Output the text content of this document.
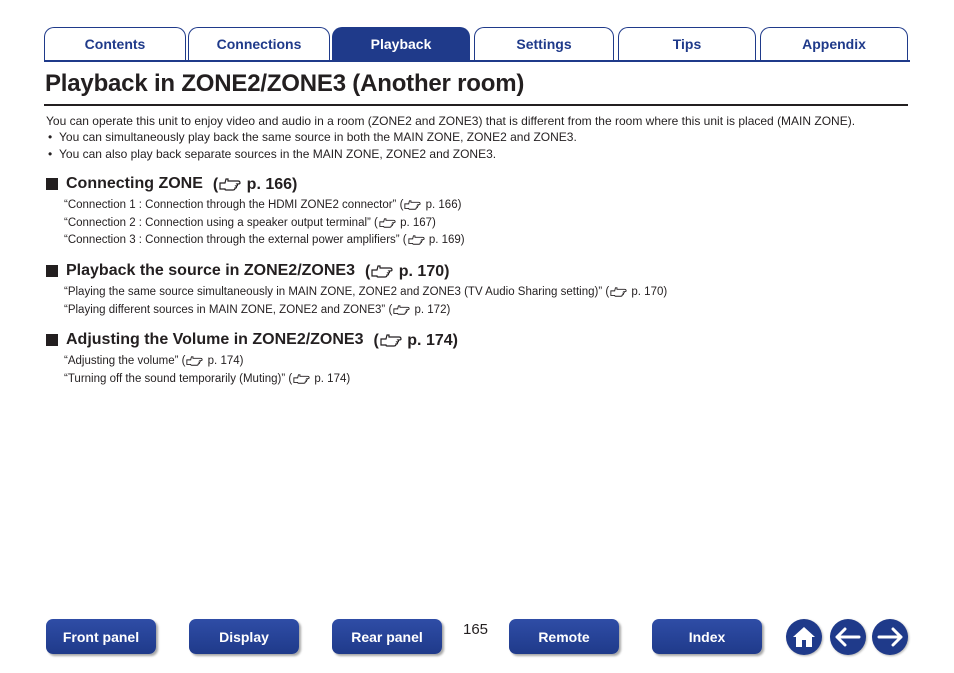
Contents	Connections	Playback	Settings	Tips	Appendix
Playback in ZONE2/ZONE3 (Another room)

You can operate this unit to enjoy video and audio in a room (ZONE2 and ZONE3) that is different from the room where this unit is placed (MAIN ZONE).

• You can simultaneously play back the same source in both the MAIN ZONE, ZONE2 and ZONE3.
• You can also play back separate sources in the MAIN ZONE, ZONE2 and ZONE3.
Connecting ZONE ( p. 166)
“Connection 1 : Connection through the HDMI ZONE2 connector” ( p. 166)
“Connection 2 : Connection using a speaker output terminal” ( p. 167)
“Connection 3 : Connection through the external power amplifiers” ( p. 169)
Playback the source in ZONE2/ZONE3 ( p. 170)
“Playing the same source simultaneously in MAIN ZONE, ZONE2 and ZONE3 (TV Audio Sharing setting)” ( p. 170)
“Playing different sources in MAIN ZONE, ZONE2 and ZONE3” ( p. 172)
Adjusting the Volume in ZONE2/ZONE3 ( p. 174)
“Adjusting the volume” ( p. 174)
“Turning off the sound temporarily (Muting)” ( p. 174)
Front panel	Display	Rear panel	165	Remote	Index
